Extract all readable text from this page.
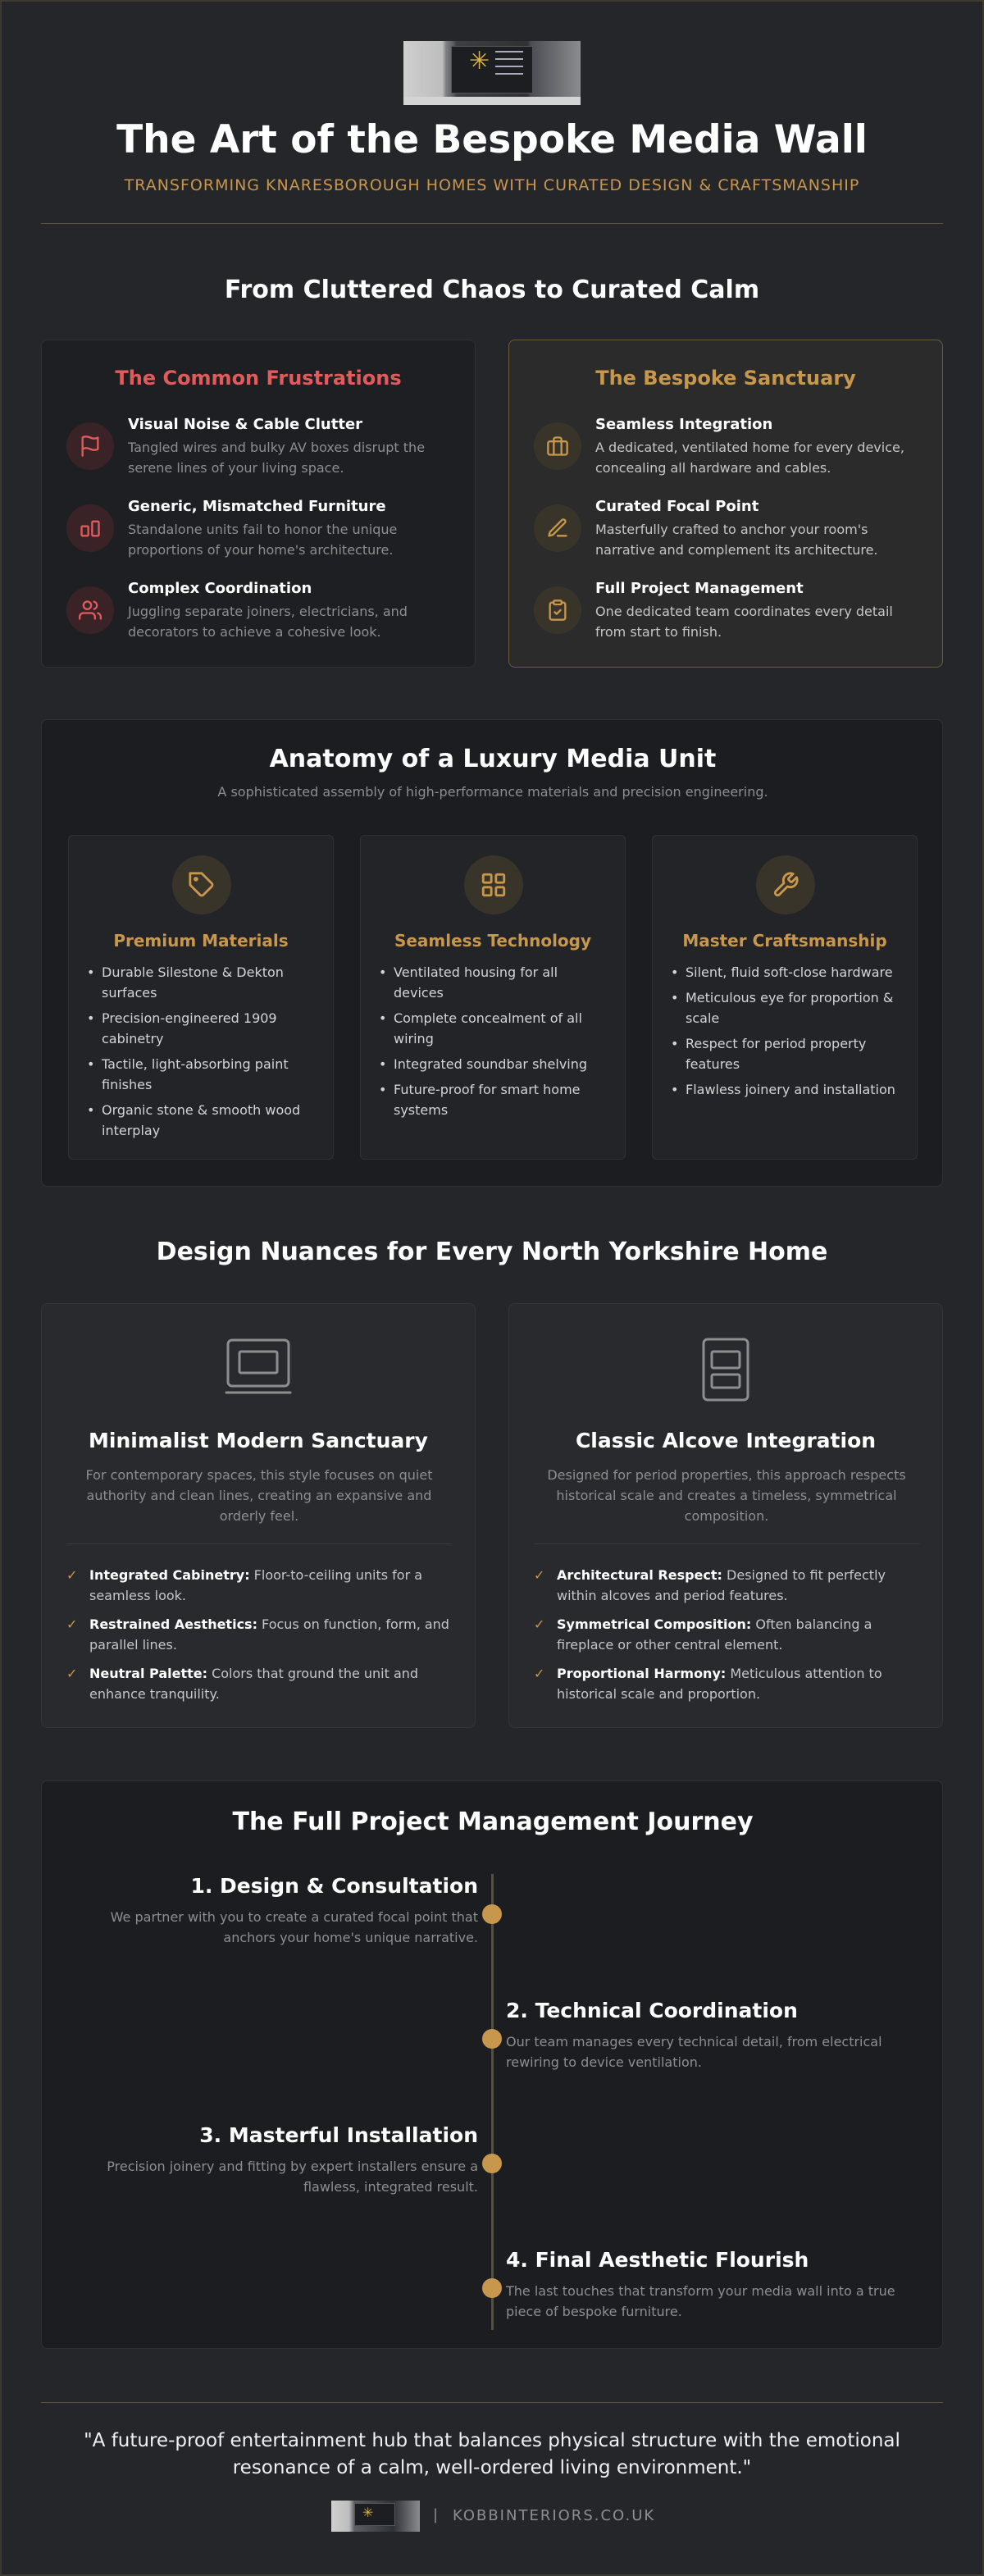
✳
The Art of the Bespoke Media Wall
TRANSFORMING KNARESBOROUGH HOMES WITH CURATED DESIGN & CRAFTSMANSHIP
From Cluttered Chaos to Curated Calm
The Common Frustrations
Visual Noise & Cable Clutter
Tangled wires and bulky AV boxes disrupt the serene lines of your living space.
Generic, Mismatched Furniture
Standalone units fail to honor the unique proportions of your home's architecture.
Complex Coordination
Juggling separate joiners, electricians, and decorators to achieve a cohesive look.
The Bespoke Sanctuary
Seamless Integration
A dedicated, ventilated home for every device, concealing all hardware and cables.
Curated Focal Point
Masterfully crafted to anchor your room's narrative and complement its architecture.
Full Project Management
One dedicated team coordinates every detail from start to finish.
Anatomy of a Luxury Media Unit
A sophisticated assembly of high-performance materials and precision engineering.
Premium Materials
• Durable Silestone & Dekton surfaces
• Precision-engineered 1909 cabinetry
• Tactile, light-absorbing paint finishes
• Organic stone & smooth wood interplay
Seamless Technology
• Ventilated housing for all devices
• Complete concealment of all wiring
• Integrated soundbar shelving
• Future-proof for smart home systems
Master Craftsmanship
• Silent, fluid soft-close hardware
• Meticulous eye for proportion & scale
• Respect for period property features
• Flawless joinery and installation
Design Nuances for Every North Yorkshire Home
Minimalist Modern Sanctuary
For contemporary spaces, this style focuses on quiet authority and clean lines, creating an expansive and orderly feel.
✓ Integrated Cabinetry: Floor-to-ceiling units for a seamless look.
✓ Restrained Aesthetics: Focus on function, form, and parallel lines.
✓ Neutral Palette: Colors that ground the unit and enhance tranquility.
Classic Alcove Integration
Designed for period properties, this approach respects historical scale and creates a timeless, symmetrical composition.
✓ Architectural Respect: Designed to fit perfectly within alcoves and period features.
✓ Symmetrical Composition: Often balancing a fireplace or other central element.
✓ Proportional Harmony: Meticulous attention to historical scale and proportion.
The Full Project Management Journey
1. Design & Consultation
We partner with you to create a curated focal point that anchors your home's unique narrative.
2. Technical Coordination
Our team manages every technical detail, from electrical rewiring to device ventilation.
3. Masterful Installation
Precision joinery and fitting by expert installers ensure a flawless, integrated result.
4. Final Aesthetic Flourish
The last touches that transform your media wall into a true piece of bespoke furniture.
"A future-proof entertainment hub that balances physical structure with the emotional resonance of a calm, well-ordered living environment."
✳	| KOBBINTERIORS.CO.UK
